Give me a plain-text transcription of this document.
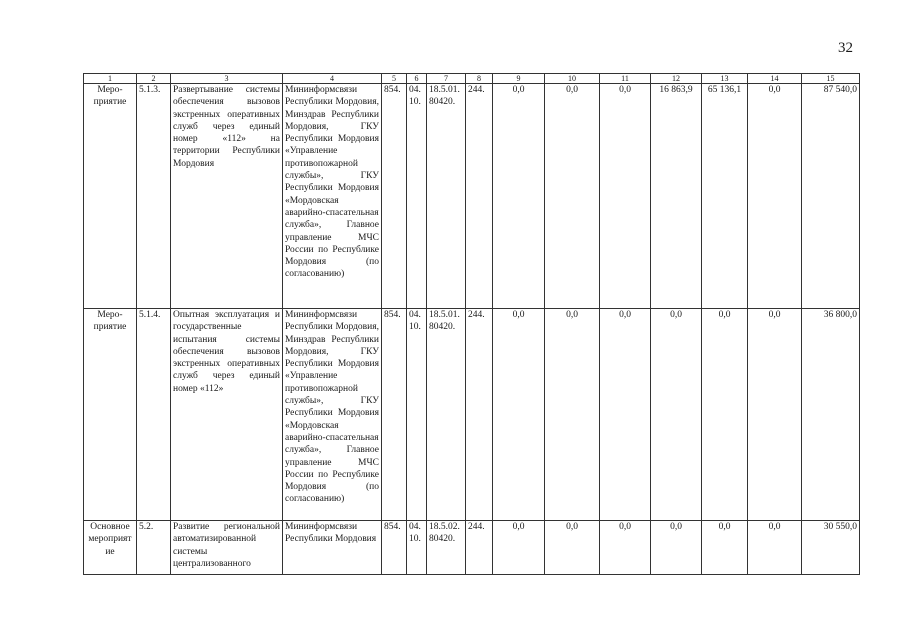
32
1	2	3	4	5	6	7	8	9	10	11	12	13	14	15
Меро-приятие	5.1.3.	Развертывание системы обеспечения вызовов экстренных оперативных служб через единый номер «112» на территории Республики Мордовия	Мининформсвязи Республики Мордовия, Минздрав Республики Мордовия, ГКУ Республики Мордовия «Управление противопожарной службы», ГКУ Республики Мордовия «Мордовская аварийно-спасательная служба», Главное управление МЧС России по Республике Мордовия (по согласованию)	854.	04. 10.	18.5.01. 80420.	244.	0,0	0,0	0,0	16 863,9	65 136,1	0,0	87 540,0
Меро-приятие	5.1.4.	Опытная эксплуатация и государственные испытания системы обеспечения вызовов экстренных оперативных служб через единый номер «112»	Мининформсвязи Республики Мордовия, Минздрав Республики Мордовия, ГКУ Республики Мордовия «Управление противопожарной службы», ГКУ Республики Мордовия «Мордовская аварийно-спасательная служба», Главное управление МЧС России по Республике Мордовия (по согласованию)	854.	04. 10.	18.5.01. 80420.	244.	0,0	0,0	0,0	0,0	0,0	0,0	36 800,0
Основное мероприятие	5.2.	Развитие региональной автоматизированной системы централизованного	Мининформсвязи Республики Мордовия	854.	04. 10.	18.5.02. 80420.	244.	0,0	0,0	0,0	0,0	0,0	0,0	30 550,0
